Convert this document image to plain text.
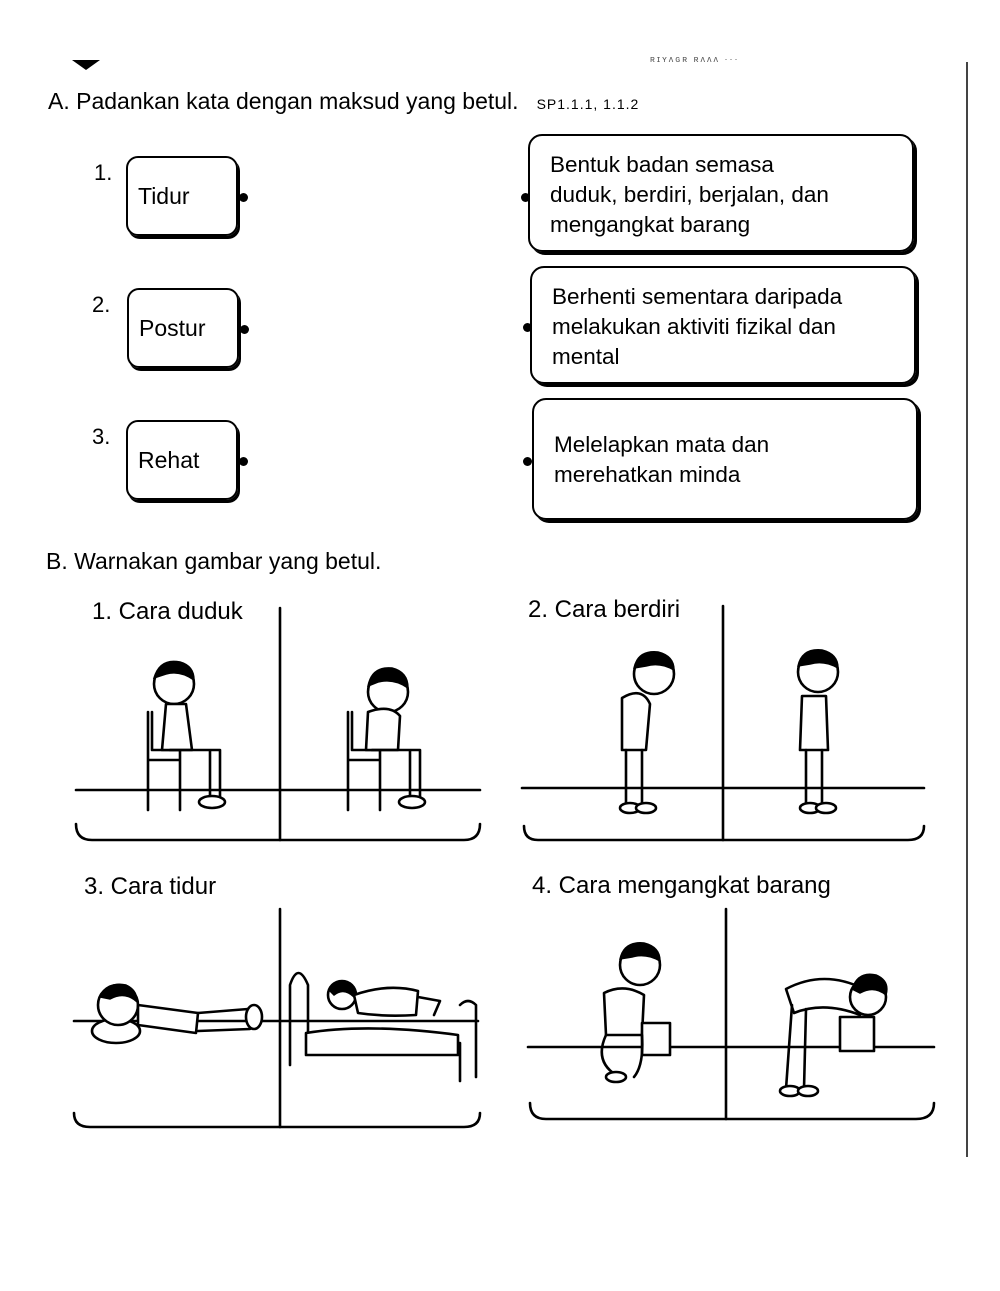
ʀɪʏʌɢʀ ʀʌʌʌ ···
A. Padankan kata dengan maksud yang betul. SP1.1.1, 1.1.2
1.
Tidur
2.
Postur
3.
Rehat
Bentuk badan semasa
duduk, berdiri, berjalan, dan
mengangkat barang
Berhenti sementara daripada
melakukan aktiviti fizikal dan
mental
Melelapkan mata dan
merehatkan minda
B. Warnakan gambar yang betul.
1. Cara duduk	2. Cara berdiri
3. Cara tidur	4. Cara mengangkat barang
